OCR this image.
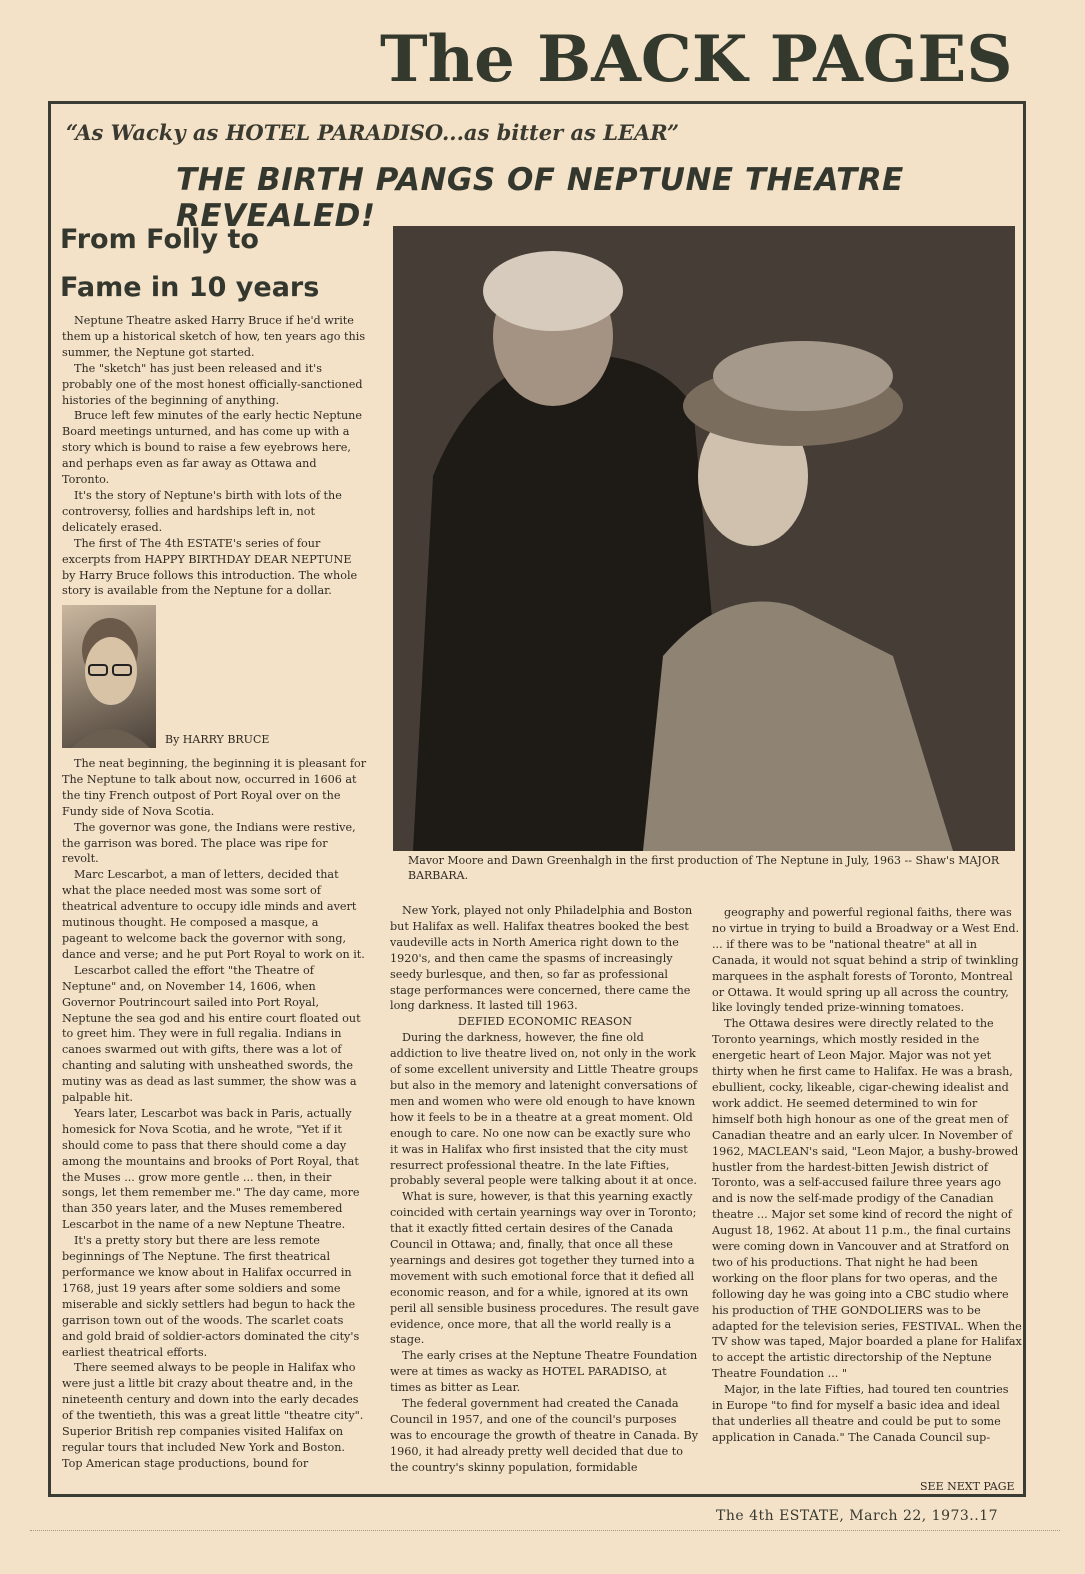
The BACK PAGES
“As Wacky as HOTEL PARADISO...as bitter as LEAR”
THE BIRTH PANGS OF NEPTUNE THEATRE REVEALED!
From Folly to
Fame in 10 years

Neptune Theatre asked Harry Bruce if he'd write them up a historical sketch of how, ten years ago this summer, the Neptune got started.

The "sketch" has just been released and it's probably one of the most honest officially-sanctioned histories of the beginning of anything.

Bruce left few minutes of the early hectic Neptune Board meetings unturned, and has come up with a story which is bound to raise a few eyebrows here, and perhaps even as far away as Ottawa and Toronto.

It's the story of Neptune's birth with lots of the controversy, follies and hardships left in, not delicately erased.

The first of The 4th ESTATE's series of four excerpts from HAPPY BIRTHDAY DEAR NEPTUNE by Harry Bruce follows this introduction. The whole story is available from the Neptune for a dollar.

By HARRY BRUCE

The neat beginning, the beginning it is pleasant for The Neptune to talk about now, occurred in 1606 at the tiny French outpost of Port Royal over on the Fundy side of Nova Scotia.

The governor was gone, the Indians were restive, the garrison was bored. The place was ripe for revolt.

Marc Lescarbot, a man of letters, decided that what the place needed most was some sort of theatrical adventure to occupy idle minds and avert mutinous thought. He composed a masque, a pageant to welcome back the governor with song, dance and verse; and he put Port Royal to work on it.

Lescarbot called the effort "the Theatre of Neptune" and, on November 14, 1606, when Governor Poutrincourt sailed into Port Royal, Neptune the sea god and his entire court floated out to greet him. They were in full regalia. Indians in canoes swarmed out with gifts, there was a lot of chanting and saluting with unsheathed swords, the mutiny was as dead as last summer, the show was a palpable hit.

Years later, Lescarbot was back in Paris, actually homesick for Nova Scotia, and he wrote, "Yet if it should come to pass that there should come a day among the mountains and brooks of Port Royal, that the Muses ... grow more gentle ... then, in their songs, let them remember me." The day came, more than 350 years later, and the Muses remembered Lescarbot in the name of a new Neptune Theatre.

It's a pretty story but there are less remote beginnings of The Neptune. The first theatrical performance we know about in Halifax occurred in 1768, just 19 years after some soldiers and some miserable and sickly settlers had begun to hack the garrison town out of the woods. The scarlet coats and gold braid of soldier-actors dominated the city's earliest theatrical efforts.

There seemed always to be people in Halifax who were just a little bit crazy about theatre and, in the nineteenth century and down into the early decades of the twentieth, this was a great little "theatre city". Superior British rep companies visited Halifax on regular tours that included New York and Boston. Top American stage productions, bound for

Mavor Moore and Dawn Greenhalgh in the first production of The Neptune in July, 1963 -- Shaw's MAJOR BARBARA.

New York, played not only Philadelphia and Boston but Halifax as well. Halifax theatres booked the best vaudeville acts in North America right down to the 1920's, and then came the spasms of increasingly seedy burlesque, and then, so far as professional stage performances were concerned, there came the long darkness. It lasted till 1963.

DEFIED ECONOMIC REASON

During the darkness, however, the fine old addiction to live theatre lived on, not only in the work of some excellent university and Little Theatre groups but also in the memory and latenight conversations of men and women who were old enough to have known how it feels to be in a theatre at a great moment. Old enough to care. No one now can be exactly sure who it was in Halifax who first insisted that the city must resurrect professional theatre. In the late Fifties, probably several people were talking about it at once.

What is sure, however, is that this yearning exactly coincided with certain yearnings way over in Toronto; that it exactly fitted certain desires of the Canada Council in Ottawa; and, finally, that once all these yearnings and desires got together they turned into a movement with such emotional force that it defied all economic reason, and for a while, ignored at its own peril all sensible business procedures. The result gave evidence, once more, that all the world really is a stage.

The early crises at the Neptune Theatre Foundation were at times as wacky as HOTEL PARADISO, at times as bitter as Lear.

The federal government had created the Canada Council in 1957, and one of the council's purposes was to encourage the growth of theatre in Canada. By 1960, it had already pretty well decided that due to the country's skinny population, formidable

geography and powerful regional faiths, there was no virtue in trying to build a Broadway or a West End. ... if there was to be "national theatre" at all in Canada, it would not squat behind a strip of twinkling marquees in the asphalt forests of Toronto, Montreal or Ottawa. It would spring up all across the country, like lovingly tended prize-winning tomatoes.

The Ottawa desires were directly related to the Toronto yearnings, which mostly resided in the energetic heart of Leon Major. Major was not yet thirty when he first came to Halifax. He was a brash, ebullient, cocky, likeable, cigar-chewing idealist and work addict. He seemed determined to win for himself both high honour as one of the great men of Canadian theatre and an early ulcer. In November of 1962, MACLEAN's said, "Leon Major, a bushy-browed hustler from the hardest-bitten Jewish district of Toronto, was a self-accused failure three years ago and is now the self-made prodigy of the Canadian theatre ... Major set some kind of record the night of August 18, 1962. At about 11 p.m., the final curtains were coming down in Vancouver and at Stratford on two of his productions. That night he had been working on the floor plans for two operas, and the following day he was going into a CBC studio where his production of THE GONDOLIERS was to be adapted for the television series, FESTIVAL. When the TV show was taped, Major boarded a plane for Halifax to accept the artistic directorship of the Neptune Theatre Foundation ... "

Major, in the late Fifties, had toured ten countries in Europe "to find for myself a basic idea and ideal that underlies all theatre and could be put to some application in Canada." The Canada Council sup-

SEE NEXT PAGE
The 4th ESTATE, March 22, 1973..17
